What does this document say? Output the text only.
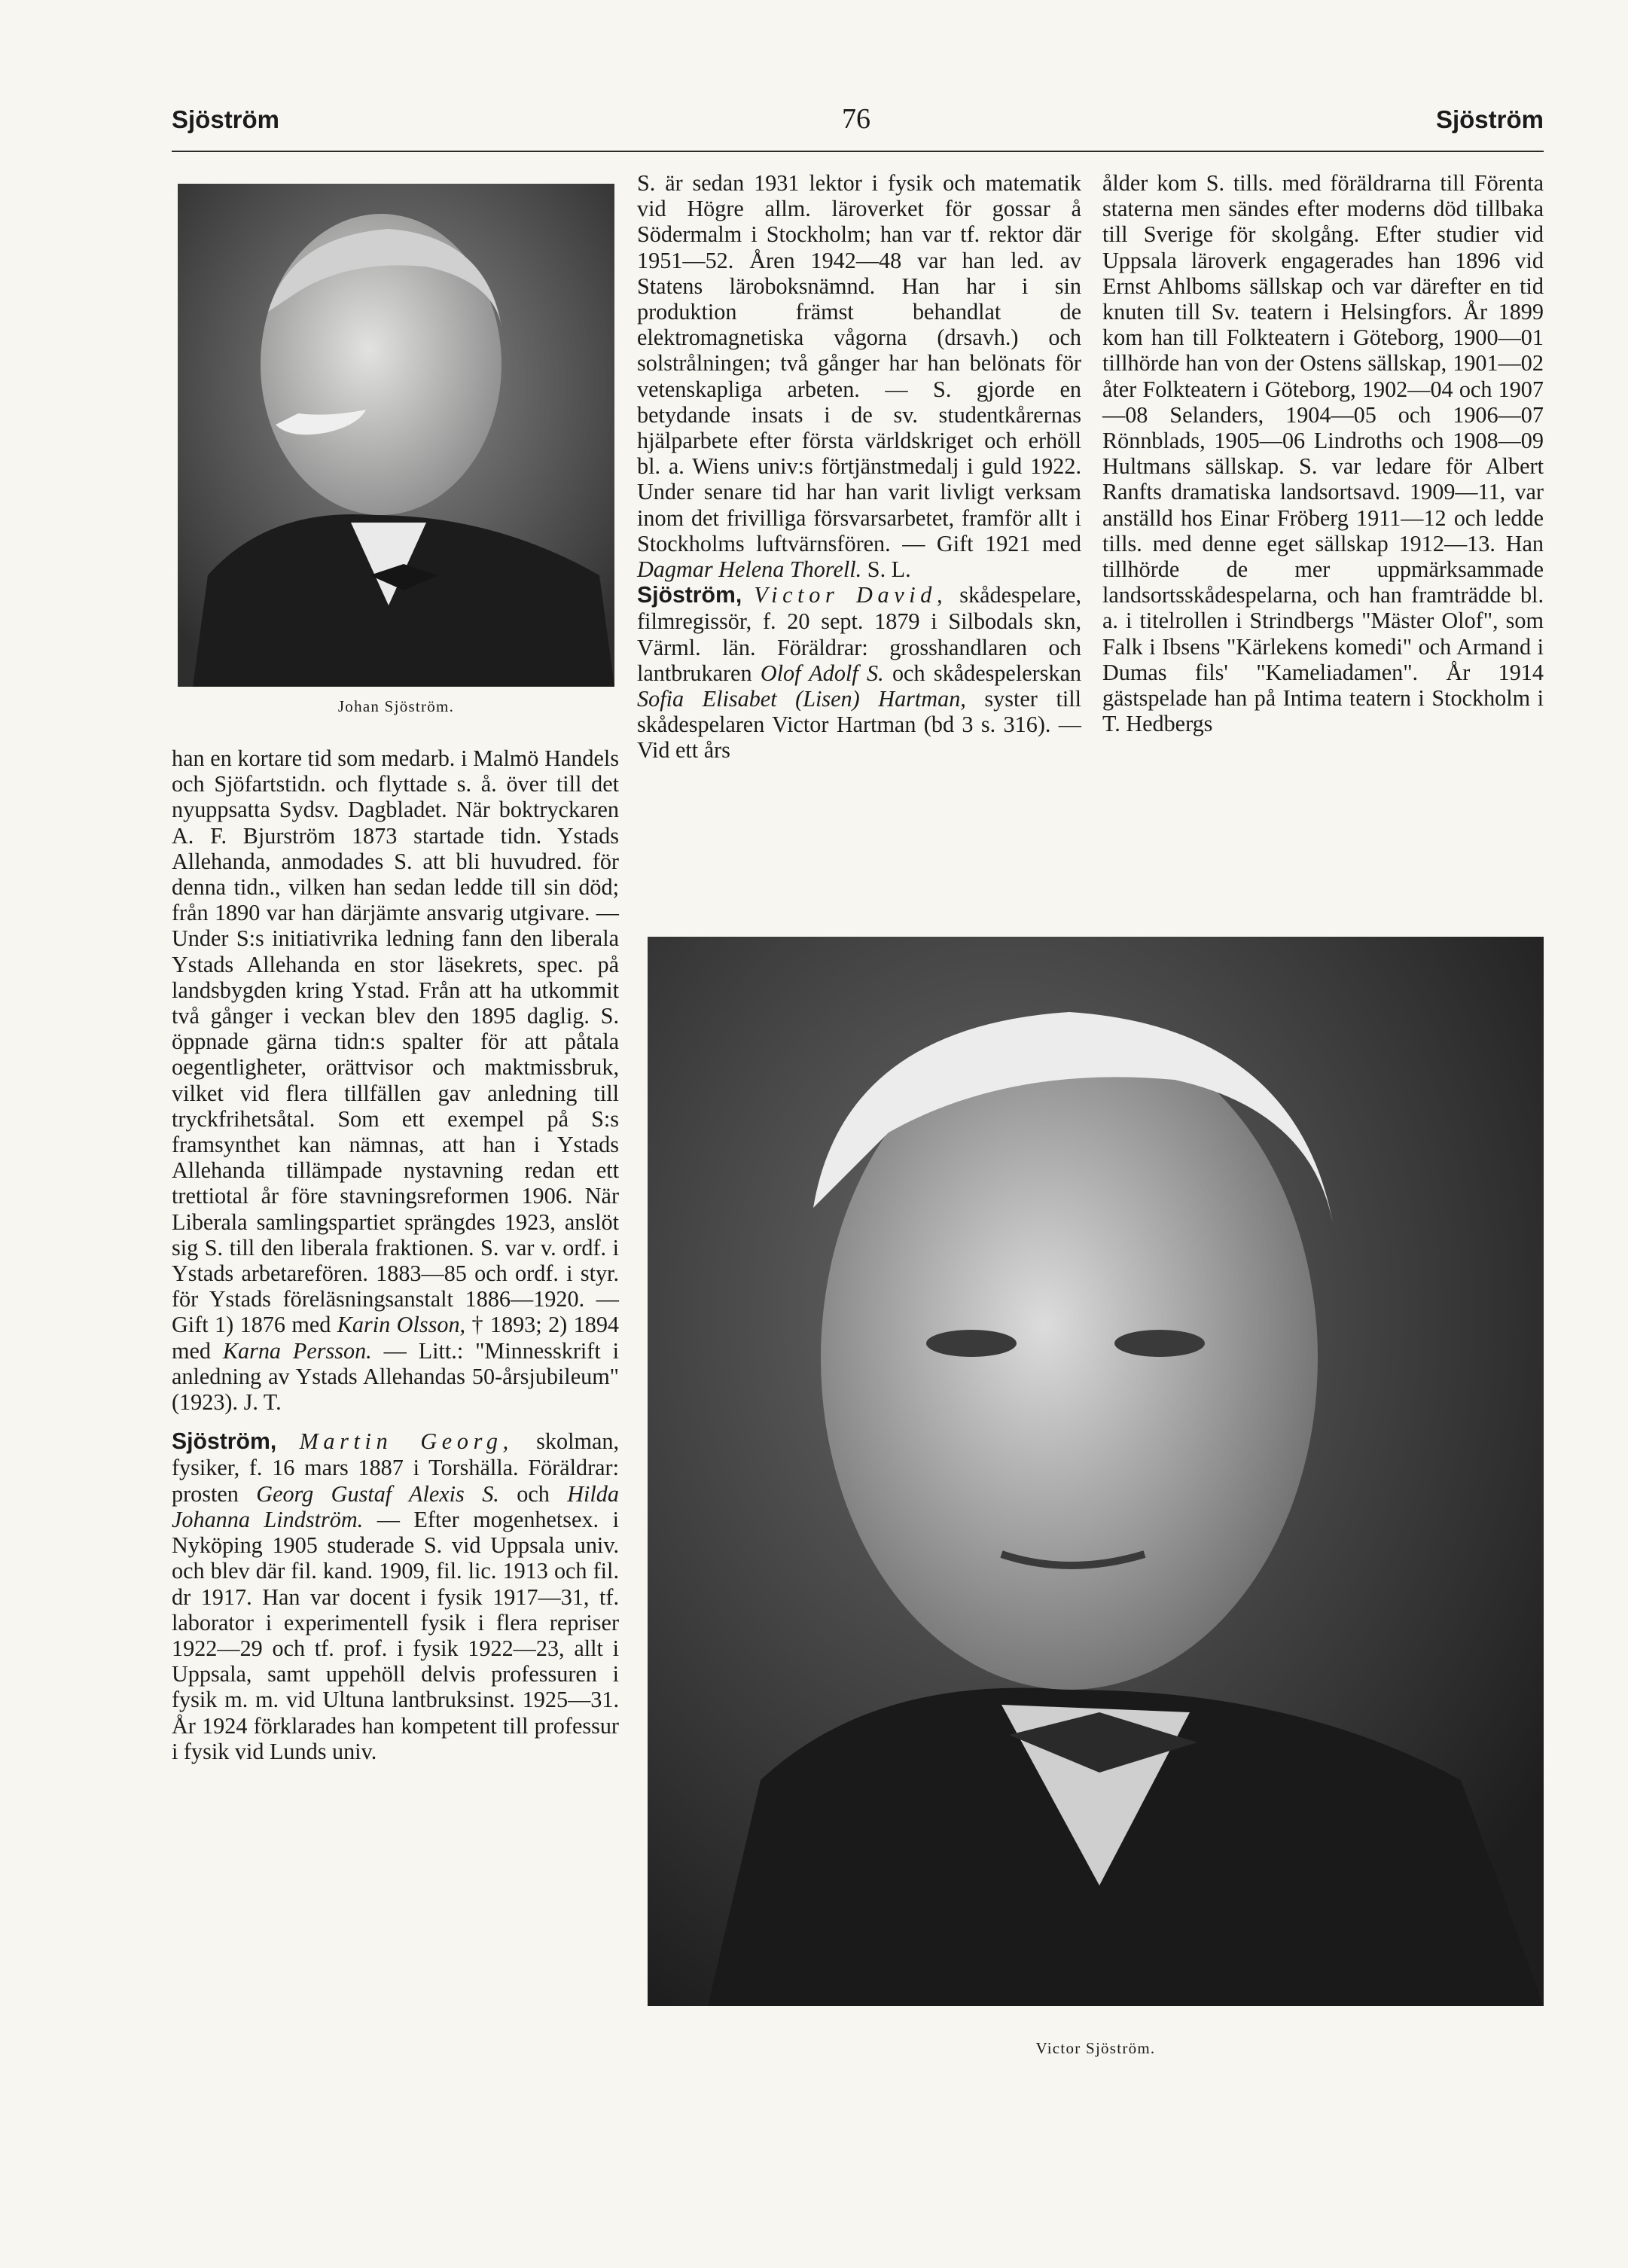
Sjöström	76	Sjöström
Johan Sjöström.

han en kortare tid som medarb. i Malmö Handels och Sjöfartstidn. och flyttade s. å. över till det nyuppsatta Sydsv. Dagbladet. När boktryckaren A. F. Bjurström 1873 startade tidn. Ystads Allehanda, anmodades S. att bli huvudred. för denna tidn., vilken han sedan ledde till sin död; från 1890 var han därjämte ansvarig utgivare. — Under S:s initiativrika ledning fann den liberala Ystads Allehanda en stor läsekrets, spec. på landsbygden kring Ystad. Från att ha utkommit två gånger i veckan blev den 1895 daglig. S. öppnade gärna tidn:s spalter för att påtala oegentligheter, orättvisor och maktmissbruk, vilket vid flera tillfällen gav anledning till tryckfrihetsåtal. Som ett exempel på S:s framsynthet kan nämnas, att han i Ystads Allehanda tillämpade nystavning redan ett trettiotal år före stavningsreformen 1906. När Liberala samlingspartiet sprängdes 1923, anslöt sig S. till den liberala fraktionen. S. var v. ordf. i Ystads arbetarefören. 1883—85 och ordf. i styr. för Ystads föreläsningsanstalt 1886—1920. — Gift 1) 1876 med Karin Olsson, † 1893; 2) 1894 med Karna Persson. — Litt.: "Minnesskrift i anledning av Ystads Allehandas 50-årsjubileum" (1923). J. T.

Sjöström, Martin Georg, skolman, fysiker, f. 16 mars 1887 i Torshälla. Föräldrar: prosten Georg Gustaf Alexis S. och Hilda Johanna Lindström. — Efter mogenhetsex. i Nyköping 1905 studerade S. vid Uppsala univ. och blev där fil. kand. 1909, fil. lic. 1913 och fil. dr 1917. Han var docent i fysik 1917—31, tf. laborator i experimentell fysik i flera repriser 1922—29 och tf. prof. i fysik 1922—23, allt i Uppsala, samt uppehöll delvis professuren i fysik m. m. vid Ultuna lantbruksinst. 1925—31. År 1924 förklarades han kompetent till professur i fysik vid Lunds univ.

S. är sedan 1931 lektor i fysik och matematik vid Högre allm. läroverket för gossar å Södermalm i Stockholm; han var tf. rektor där 1951—52. Åren 1942—48 var han led. av Statens läroboksnämnd. Han har i sin produktion främst behandlat de elektromagnetiska vågorna (drsavh.) och solstrålningen; två gånger har han belönats för vetenskapliga arbeten. — S. gjorde en betydande insats i de sv. studentkårernas hjälparbete efter första världskriget och erhöll bl. a. Wiens univ:s förtjänstmedalj i guld 1922. Under senare tid har han varit livligt verksam inom det frivilliga försvarsarbetet, framför allt i Stockholms luftvärnsfören. — Gift 1921 med Dagmar Helena Thorell. S. L.

Sjöström, Victor David, skådespelare, filmregissör, f. 20 sept. 1879 i Silbodals skn, Värml. län. Föräldrar: grosshandlaren och lantbrukaren Olof Adolf S. och skådespelerskan Sofia Elisabet (Lisen) Hartman, syster till skådespelaren Victor Hartman (bd 3 s. 316). — Vid ett års

ålder kom S. tills. med föräldrarna till Förenta staterna men sändes efter moderns död tillbaka till Sverige för skolgång. Efter studier vid Uppsala läroverk engagerades han 1896 vid Ernst Ahlboms sällskap och var därefter en tid knuten till Sv. teatern i Helsingfors. År 1899 kom han till Folkteatern i Göteborg, 1900—01 tillhörde han von der Ostens sällskap, 1901—02 åter Folkteatern i Göteborg, 1902—04 och 1907—08 Selanders, 1904—05 och 1906—07 Rönnblads, 1905—06 Lindroths och 1908—09 Hultmans sällskap. S. var ledare för Albert Ranfts dramatiska landsortsavd. 1909—11, var anställd hos Einar Fröberg 1911—12 och ledde tills. med denne eget sällskap 1912—13. Han tillhörde de mer uppmärksammade landsortsskådespelarna, och han framträdde bl. a. i titelrollen i Strindbergs "Mäster Olof", som Falk i Ibsens "Kärlekens komedi" och Armand i Dumas fils' "Kameliadamen". År 1914 gästspelade han på Intima teatern i Stockholm i T. Hedbergs

Victor Sjöström.
